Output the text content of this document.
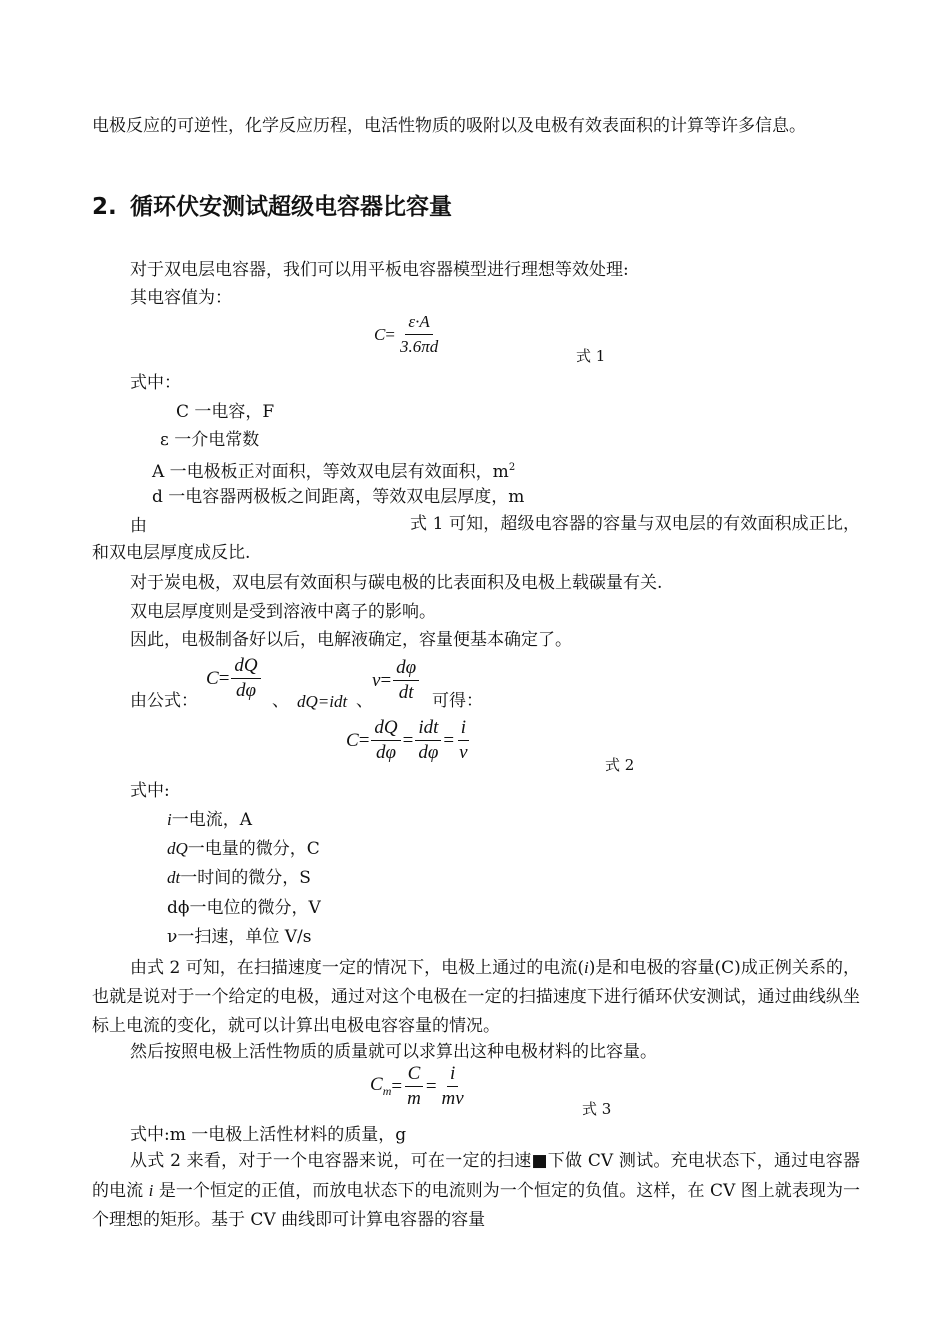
电极反应的可逆性，化学反应历程，电活性物质的吸附以及电极有效表面积的计算等许多信息。
2. 循环伏安测试超级电容器比容量
对于双电层电容器，我们可以用平板电容器模型进行理想等效处理:
其电容值为：
$C = \frac{\varepsilon\cdot A}{3.6\pi d}$	式 1
式中：
C 一电容，F
ε 一介电常数
A 一电极板正对面积，等效双电层有效面积，$m^2$
d 一电容器两极板之间距离，等效双电层厚度，m
由	式 1 可知，超级电容器的容量与双电层的有效面积成正比，和双电层厚度成反比.
对于炭电极，双电层有效面积与碳电极的比表面积及电极上载碳量有关.
双电层厚度则是受到溶液中离子的影响。
因此，电极制备好以后，电解液确定，容量便基本确定了。
由公式：
$C = \frac{dQ}{d\varphi}$ 、 dQ=idt 、
$v = \frac{d\varphi}{dt}$ 可得：
$C = \frac{dQ}{d\varphi} = \frac{\text{idt}}{d\varphi} = \frac{i}{v}$	式 2
式中:
i一电流，A
dQ一电量的微分，C
dt一时间的微分，S
dϕ一电位的微分，V
ν一扫速，单位 V/s
由式 2 可知，在扫描速度一定的情况下，电极上通过的电流(i)是和电极的容量(C)成正例关系的，也就是说对于一个给定的电极，通过对这个电极在一定的扫描速度下进行循环伏安测试，通过曲线纵坐标上电流的变化，就可以计算出电极电容容量的情况。
然后按照电极上活性物质的质量就可以求算出这种电极材料的比容量。
$C_m = \frac{C}{m} = \frac{i}{mv}$	式 3
式中:m 一电极上活性材料的质量，g
从式 2 来看，对于一个电容器来说，可在一定的扫速■下做 CV 测试。充电状态下，通过电容器的电流 i 是一个恒定的正值，而放电状态下的电流则为一个恒定的负值。这样，在 CV 图上就表现为一个理想的矩形。基于 CV 曲线即可计算电容器的容量
